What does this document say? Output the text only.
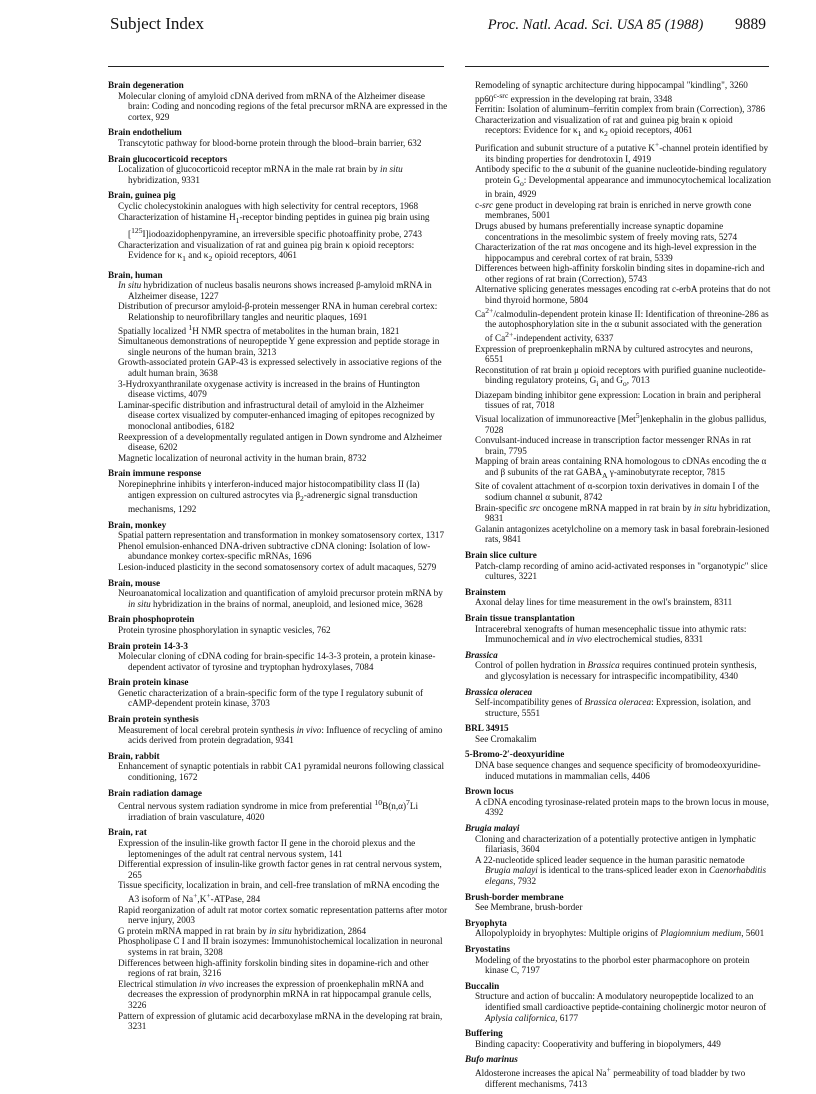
Subject Index	Proc. Natl. Acad. Sci. USA 85 (1988) 9889
Brain degeneration
Molecular cloning of amyloid cDNA derived from mRNA of the Alzheimer disease brain: Coding and noncoding regions of the fetal precursor mRNA are expressed in the cortex, 929
Brain endothelium
Transcytotic pathway for blood-borne protein through the blood–brain barrier, 632
Brain glucocorticoid receptors
Localization of glucocorticoid receptor mRNA in the male rat brain by in situ hybridization, 9331
Brain, guinea pig
Cyclic cholecystokinin analogues with high selectivity for central receptors, 1968
Characterization of histamine $H_1$-receptor binding peptides in guinea pig brain using [$^{125}$I]iodoazidophenpyramine, an irreversible specific photoaffinity probe, 2743
Characterization and visualization of rat and guinea pig brain κ opioid receptors: Evidence for $\kappa_1$ and $\kappa_2$ opioid receptors, 4061
Brain, human
In situ hybridization of nucleus basalis neurons shows increased β-amyloid mRNA in Alzheimer disease, 1227
Distribution of precursor amyloid-β-protein messenger RNA in human cerebral cortex: Relationship to neurofibrillary tangles and neuritic plaques, 1691
Spatially localized $^1$H NMR spectra of metabolites in the human brain, 1821
Simultaneous demonstrations of neuropeptide Y gene expression and peptide storage in single neurons of the human brain, 3213
Growth-associated protein GAP-43 is expressed selectively in associative regions of the adult human brain, 3638
3-Hydroxyanthranilate oxygenase activity is increased in the brains of Huntington disease victims, 4079
Laminar-specific distribution and infrastructural detail of amyloid in the Alzheimer disease cortex visualized by computer-enhanced imaging of epitopes recognized by monoclonal antibodies, 6182
Reexpression of a developmentally regulated antigen in Down syndrome and Alzheimer disease, 6202
Magnetic localization of neuronal activity in the human brain, 8732
Brain immune response
Norepinephrine inhibits γ interferon-induced major histocompatibility class II (Ia) antigen expression on cultured astrocytes via $\beta_2$-adrenergic signal transduction mechanisms, 1292
Brain, monkey
Spatial pattern representation and transformation in monkey somatosensory cortex, 1317
Phenol emulsion-enhanced DNA-driven subtractive cDNA cloning: Isolation of low-abundance monkey cortex-specific mRNAs, 1696
Lesion-induced plasticity in the second somatosensory cortex of adult macaques, 5279
Brain, mouse
Neuroanatomical localization and quantification of amyloid precursor protein mRNA by in situ hybridization in the brains of normal, aneuploid, and lesioned mice, 3628
Brain phosphoprotein
Protein tyrosine phosphorylation in synaptic vesicles, 762
Brain protein 14-3-3
Molecular cloning of cDNA coding for brain-specific 14-3-3 protein, a protein kinase-dependent activator of tyrosine and tryptophan hydroxylases, 7084
Brain protein kinase
Genetic characterization of a brain-specific form of the type I regulatory subunit of cAMP-dependent protein kinase, 3703
Brain protein synthesis
Measurement of local cerebral protein synthesis in vivo: Influence of recycling of amino acids derived from protein degradation, 9341
Brain, rabbit
Enhancement of synaptic potentials in rabbit CA1 pyramidal neurons following classical conditioning, 1672
Brain radiation damage
Central nervous system radiation syndrome in mice from preferential $^{10}B(n,\alpha)^7Li$ irradiation of brain vasculature, 4020
Brain, rat
Expression of the insulin-like growth factor II gene in the choroid plexus and the leptomeninges of the adult rat central nervous system, 141
Differential expression of insulin-like growth factor genes in rat central nervous system, 265
Tissue specificity, localization in brain, and cell-free translation of mRNA encoding the A3 isoform of Na+,K+-ATPase, 284
Rapid reorganization of adult rat motor cortex somatic representation patterns after motor nerve injury, 2003
G protein mRNA mapped in rat brain by in situ hybridization, 2864
Phospholipase C I and II brain isozymes: Immunohistochemical localization in neuronal systems in rat brain, 3208
Differences between high-affinity forskolin binding sites in dopamine-rich and other regions of rat brain, 3216
Electrical stimulation in vivo increases the expression of proenkephalin mRNA and decreases the expression of prodynorphin mRNA in rat hippocampal granule cells, 3226
Pattern of expression of glutamic acid decarboxylase mRNA in the developing rat brain, 3231
Remodeling of synaptic architecture during hippocampal "kindling", 3260
$pp60^{c-src}$ expression in the developing rat brain, 3348
Ferritin: Isolation of aluminum–ferritin complex from brain (Correction), 3786
Characterization and visualization of rat and guinea pig brain κ opioid receptors: Evidence for $\kappa_1$ and $\kappa_2$ opioid receptors, 4061
Purification and subunit structure of a putative K+-channel protein identified by its binding properties for dendrotoxin I, 4919
Antibody specific to the α subunit of the guanine nucleotide-binding regulatory protein $G_o$: Developmental appearance and immunocytochemical localization in brain, 4929
c-src gene product in developing rat brain is enriched in nerve growth cone membranes, 5001
Drugs abused by humans preferentially increase synaptic dopamine concentrations in the mesolimbic system of freely moving rats, 5274
Characterization of the rat mas oncogene and its high-level expression in the hippocampus and cerebral cortex of rat brain, 5339
Differences between high-affinity forskolin binding sites in dopamine-rich and other regions of rat brain (Correction), 5743
Alternative splicing generates messages encoding rat c-erbA proteins that do not bind thyroid hormone, 5804
$Ca^{2+}/calmodulin$-dependent protein kinase II: Identification of threonine-286 as the autophosphorylation site in the α subunit associated with the generation of $Ca^{2+}$-independent activity, 6337
Expression of preproenkephalin mRNA by cultured astrocytes and neurons, 6551
Reconstitution of rat brain μ opioid receptors with purified guanine nucleotide-binding regulatory proteins, $G_i$ and $G_o$, 7013
Diazepam binding inhibitor gene expression: Location in brain and peripheral tissues of rat, 7018
Visual localization of immunoreactive [Met$^5$]enkephalin in the globus pallidus, 7028
Convulsant-induced increase in transcription factor messenger RNAs in rat brain, 7795
Mapping of brain areas containing RNA homologous to cDNAs encoding the α and β subunits of the rat $GABA_A$ γ-aminobutyrate receptor, 7815
Site of covalent attachment of α-scorpion toxin derivatives in domain I of the sodium channel α subunit, 8742
Brain-specific src oncogene mRNA mapped in rat brain by in situ hybridization, 9831
Galanin antagonizes acetylcholine on a memory task in basal forebrain-lesioned rats, 9841
Brain slice culture
Patch-clamp recording of amino acid-activated responses in "organotypic" slice cultures, 3221
Brainstem
Axonal delay lines for time measurement in the owl's brainstem, 8311
Brain tissue transplantation
Intracerebral xenografts of human mesencephalic tissue into athymic rats: Immunochemical and in vivo electrochemical studies, 8331
Brassica
Control of pollen hydration in Brassica requires continued protein synthesis, and glycosylation is necessary for intraspecific incompatibility, 4340
Brassica oleracea
Self-incompatibility genes of Brassica oleracea: Expression, isolation, and structure, 5551
BRL 34915
See Cromakalim
5-Bromo-2′-deoxyuridine
DNA base sequence changes and sequence specificity of bromodeoxyuridine-induced mutations in mammalian cells, 4406
Brown locus
A cDNA encoding tyrosinase-related protein maps to the brown locus in mouse, 4392
Brugia malayi
Cloning and characterization of a potentially protective antigen in lymphatic filariasis, 3604
A 22-nucleotide spliced leader sequence in the human parasitic nematode Brugia malayi is identical to the trans-spliced leader exon in Caenorhabditis elegans, 7932
Brush-border membrane
See Membrane, brush-border
Bryophyta
Allopolyploidy in bryophytes: Multiple origins of Plagiomnium medium, 5601
Bryostatins
Modeling of the bryostatins to the phorbol ester pharmacophore on protein kinase C, 7197
Buccalin
Structure and action of buccalin: A modulatory neuropeptide localized to an identified small cardioactive peptide-containing cholinergic motor neuron of Aplysia californica, 6177
Buffering
Binding capacity: Cooperativity and buffering in biopolymers, 449
Bufo marinus
Aldosterone increases the apical Na+ permeability of toad bladder by two different mechanisms, 7413
